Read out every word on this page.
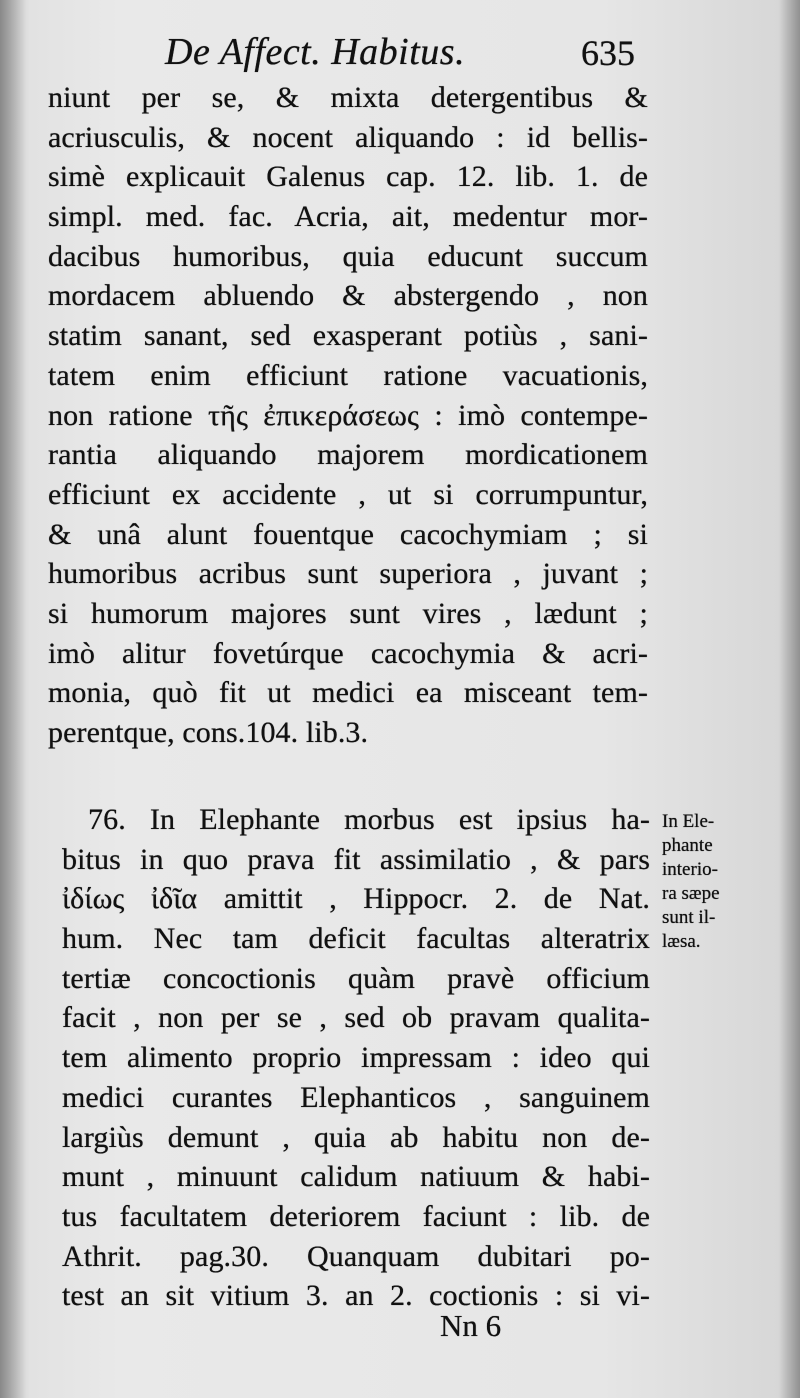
De Affect. Habitus.	635
niunt per se, & mixta detergentibus &
acriusculis, & nocent aliquando : id bellis-
simè explicauit Galenus cap. 12. lib. 1. de
simpl. med. fac. Acria, ait, medentur mor-
dacibus humoribus, quia educunt succum
mordacem abluendo & abstergendo , non
statim sanant, sed exasperant potiùs , sani-
tatem enim efficiunt ratione vacuationis,
non ratione τῆς ἐπικεράσεως : imò contempe-
rantia aliquando majorem mordicationem
efficiunt ex accidente , ut si corrumpuntur,
& unâ alunt fouentque cacochymiam ; si
humoribus acribus sunt superiora , juvant ;
si humorum majores sunt vires , lædunt ;
imò alitur fovetúrque cacochymia & acri-
monia, quò fit ut medici ea misceant tem-
perentque, cons.104. lib.3.
76. In Elephante morbus est ipsius ha-
bitus in quo prava fit assimilatio , & pars
ἰδίως ἰδῖα amittit , Hippocr. 2. de Nat.
hum. Nec tam deficit facultas alteratrix
tertiæ concoctionis quàm pravè officium
facit , non per se , sed ob pravam qualita-
tem alimento proprio impressam : ideo qui
medici curantes Elephanticos , sanguinem
largiùs demunt , quia ab habitu non de-
munt , minuunt calidum natiuum & habi-
tus facultatem deteriorem faciunt : lib. de
Athrit. pag.30. Quanquam dubitari po-
test an sit vitium 3. an 2. coctionis : si vi-
In Ele-
phante
interio-
ra sæpe
sunt il-
læsa.
Nn 6
